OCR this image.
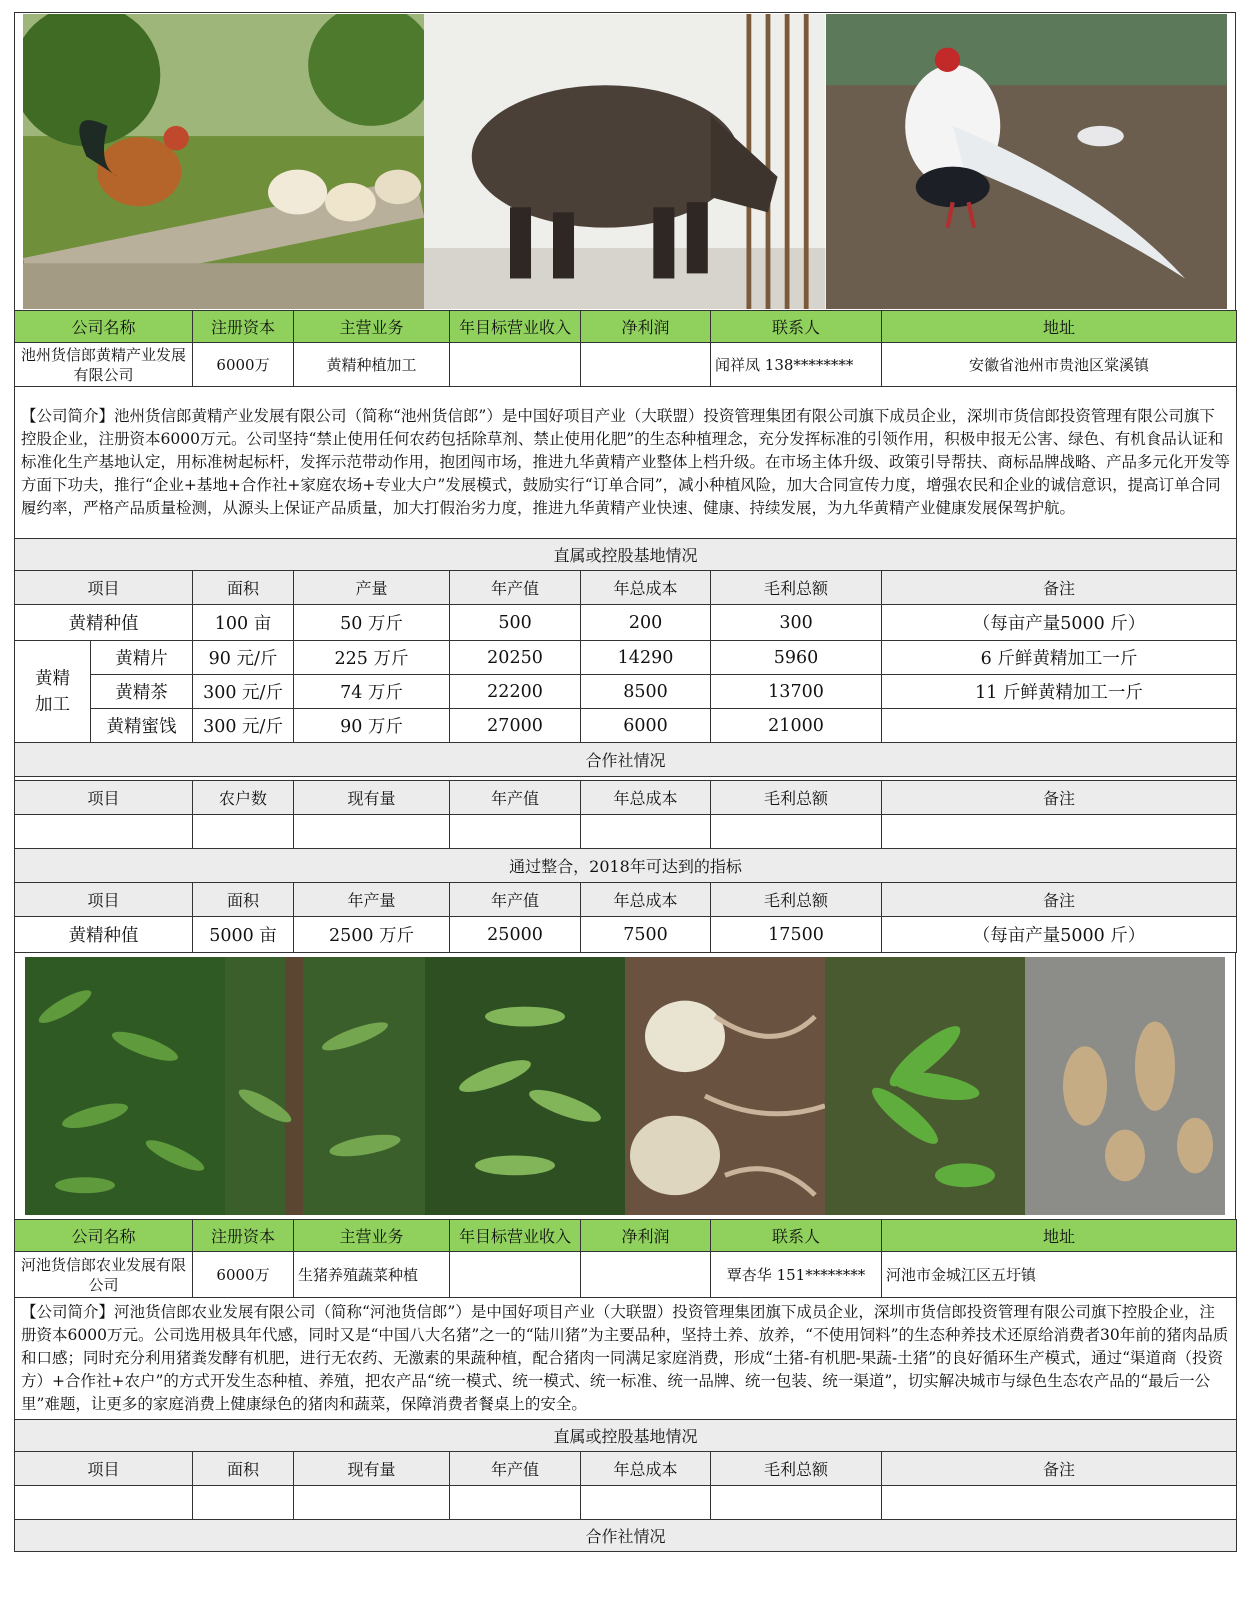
公司名称		注册资本	主营业务	年目标营业收入	净利润	联系人	地址
池州货信郎黄精产业发展有限公司		6000万	黄精种植加工			闻祥凤 138********	安徽省池州市贵池区棠溪镇
【公司简介】池州货信郎黄精产业发展有限公司（简称“池州货信郎”）是中国好项目产业（大联盟）投资管理集团有限公司旗下成员企业，深圳市货信郎投资管理有限公司旗下控股企业，注册资本6000万元。公司坚持“禁止使用任何农药包括除草剂、禁止使用化肥”的生态种植理念，充分发挥标准的引领作用，积极申报无公害、绿色、有机食品认证和标准化生产基地认定，用标准树起标杆，发挥示范带动作用，抱团闯市场，推进九华黄精产业整体上档升级。在市场主体升级、政策引导帮扶、商标品牌战略、产品多元化开发等方面下功夫，推行“企业+基地+合作社+家庭农场+专业大户”发展模式，鼓励实行“订单合同”，减小种植风险，加大合同宣传力度，增强农民和企业的诚信意识，提高订单合同履约率，严格产品质量检测，从源头上保证产品质量，加大打假治劣力度，推进九华黄精产业快速、健康、持续发展，为九华黄精产业健康发展保驾护航。							
直属或控股基地情况							
项目		面积	产量	年产值	年总成本	毛利总额	备注
黄精种值		100 亩	50 万斤	500	200	300	（每亩产量5000 斤）
黄精加工	黄精片	90 元/斤	225 万斤	20250	14290	5960	6 斤鲜黄精加工一斤
	黄精茶	300 元/斤	74 万斤	22200	8500	13700	11 斤鲜黄精加工一斤
	黄精蜜饯	300 元/斤	90 万斤	27000	6000	21000	
合作社情况							

项目		农户数	现有量	年产值	年总成本	毛利总额	备注

通过整合，2018年可达到的指标							
项目		面积	年产量	年产值	年总成本	毛利总额	备注
黄精种值		5000 亩	2500 万斤	25000	7500	17500	（每亩产量5000 斤）
公司名称	注册资本	主营业务	年目标营业收入	净利润	联系人	地址
河池货信郎农业发展有限公司	6000万	生猪养殖蔬菜种植			覃杏华 151********	河池市金城江区五圩镇
【公司简介】河池货信郎农业发展有限公司（简称“河池货信郎”）是中国好项目产业（大联盟）投资管理集团旗下成员企业，深圳市货信郎投资管理有限公司旗下控股企业，注册资本6000万元。公司选用极具年代感，同时又是“中国八大名猪”之一的“陆川猪”为主要品种，坚持土养、放养，“不使用饲料”的生态种养技术还原给消费者30年前的猪肉品质和口感；同时充分利用猪粪发酵有机肥，进行无农药、无激素的果蔬种植，配合猪肉一同满足家庭消费，形成“土猪-有机肥-果蔬-土猪”的良好循环生产模式，通过“渠道商（投资方）+合作社+农户”的方式开发生态种植、养殖，把农产品“统一模式、统一模式、统一标准、统一品牌、统一包装、统一渠道”，切实解决城市与绿色生态农产品的“最后一公里”难题，让更多的家庭消费上健康绿色的猪肉和蔬菜，保障消费者餐桌上的安全。						
直属或控股基地情况						
项目	面积	现有量	年产值	年总成本	毛利总额	备注

合作社情况						
